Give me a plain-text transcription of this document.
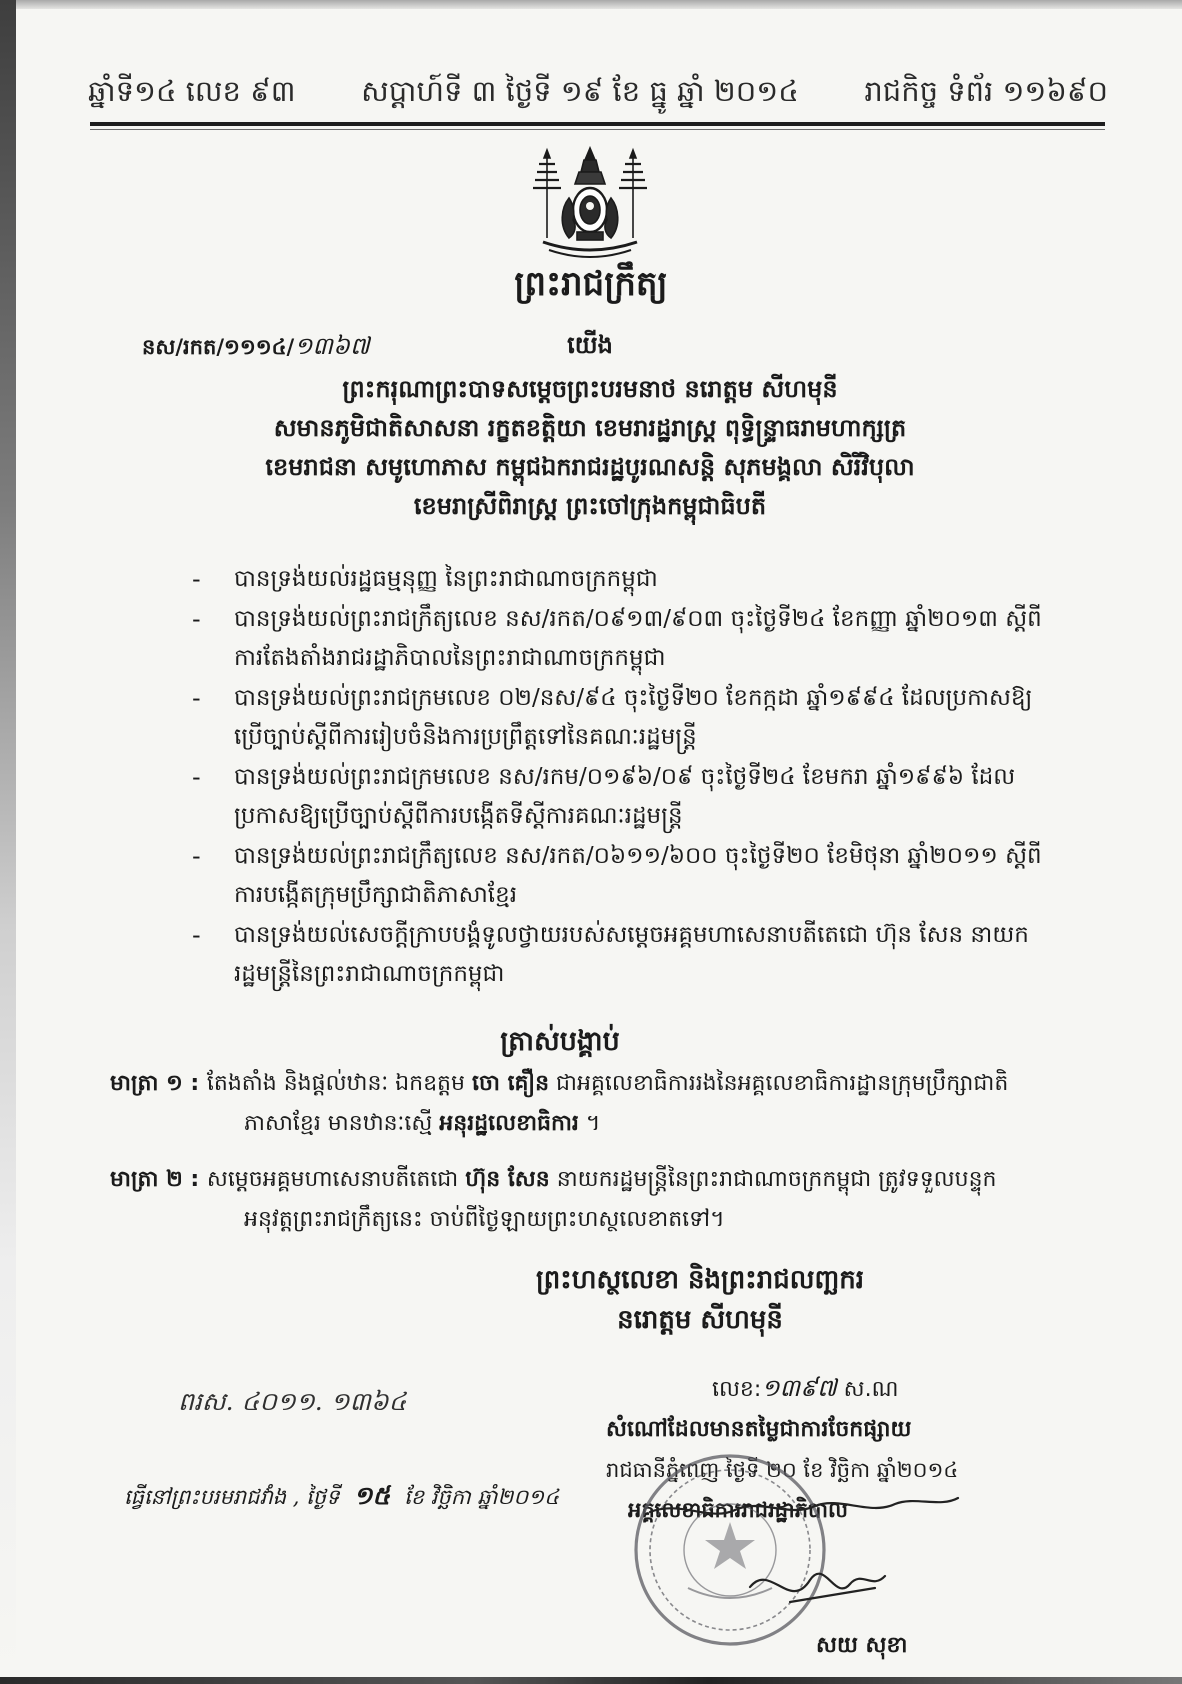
ឆ្នាំទី១៤ លេខ ៩៣ សប្តាហ៍ទី ៣ ថ្ងៃទី ១៩ ខែ ធ្នូ ឆ្នាំ ២០១៤ រាជកិច្ច ទំព័រ ១១៦៩០
ព្រះរាជក្រឹត្យ
នស/រកត/១១១៤/១៣៦៧	យើង
ព្រះករុណាព្រះបាទសម្តេចព្រះបរមនាថ នរោត្តម សីហមុនី
សមានភូមិជាតិសាសនា រក្ខតខត្តិយា ខេមរារដ្ឋរាស្ត្រ ពុទ្ធិន្ទ្រាធរាមហាក្សត្រ
ខេមរាជនា សមូហោភាស កម្ពុជឯករាជរដ្ឋបូរណសន្តិ សុភមង្គលា សិរីវិបុលា
ខេមរាស្រីពិរាស្ត្រ ព្រះចៅក្រុងកម្ពុជាធិបតី
- បានទ្រង់យល់រដ្ឋធម្មនុញ្ញ នៃព្រះរាជាណាចក្រកម្ពុជា
- បានទ្រង់យល់ព្រះរាជក្រឹត្យលេខ នស/រកត/០៩១៣/៩០៣ ចុះថ្ងៃទី២៤ ខែកញ្ញា ឆ្នាំ២០១៣ ស្តីពី
ការតែងតាំងរាជរដ្ឋាភិបាលនៃព្រះរាជាណាចក្រកម្ពុជា
- បានទ្រង់យល់ព្រះរាជក្រមលេខ ០២/នស/៩៤ ចុះថ្ងៃទី២០ ខែកក្កដា ឆ្នាំ១៩៩៤ ដែលប្រកាសឱ្យ
ប្រើច្បាប់ស្តីពីការរៀបចំនិងការប្រព្រឹត្តទៅនៃគណៈរដ្ឋមន្ត្រី
- បានទ្រង់យល់ព្រះរាជក្រមលេខ នស/រកម/០១៩៦/០៩ ចុះថ្ងៃទី២៤ ខែមករា ឆ្នាំ១៩៩៦ ដែល
ប្រកាសឱ្យប្រើច្បាប់ស្តីពីការបង្កើតទីស្តីការគណៈរដ្ឋមន្ត្រី
- បានទ្រង់យល់ព្រះរាជក្រឹត្យលេខ នស/រកត/០៦១១/៦០០ ចុះថ្ងៃទី២០ ខែមិថុនា ឆ្នាំ២០១១ ស្តីពី
ការបង្កើតក្រុមប្រឹក្សាជាតិភាសាខ្មែរ
- បានទ្រង់យល់សេចក្តីក្រាបបង្គំទូលថ្វាយរបស់សម្តេចអគ្គមហាសេនាបតីតេជោ ហ៊ុន សែន នាយក
រដ្ឋមន្ត្រីនៃព្រះរាជាណាចក្រកម្ពុជា
ត្រាស់បង្គាប់
មាត្រា ១ : តែងតាំង និងផ្តល់ឋានៈ ឯកឧត្តម ចោ គឿន ជាអគ្គលេខាធិការរងនៃអគ្គលេខាធិការដ្ឋានក្រុមប្រឹក្សាជាតិ
ភាសាខ្មែរ មានឋានៈស្មើ អនុរដ្ឋលេខាធិការ ។
មាត្រា ២ : សម្តេចអគ្គមហាសេនាបតីតេជោ ហ៊ុន សែន នាយករដ្ឋមន្ត្រីនៃព្រះរាជាណាចក្រកម្ពុជា ត្រូវទទួលបន្ទុក
អនុវត្តព្រះរាជក្រឹត្យនេះ ចាប់ពីថ្ងៃឡាយព្រះហស្ថលេខាតទៅ។
ព្រះហស្ថលេខា និងព្រះរាជលញ្ឆករ
នរោត្តម សីហមុនី
ពរស. ៤០១១. ១៣៦៤
ធ្វើនៅព្រះបរមរាជវាំង , ថ្ងៃទី ១៥ ខែ វិច្ឆិកា ឆ្នាំ២០១៤
លេខ:១៣៩៧ ស.ណ
សំណៅដែលមានតម្លៃជាការចែកផ្សាយ
រាជធានីភ្នំពេញ ថ្ងៃទី ២០ ខែ វិច្ឆិកា ឆ្នាំ២០១៤
អគ្គលេខាធិការរាជរដ្ឋាភិបាល
សយ សុខា
